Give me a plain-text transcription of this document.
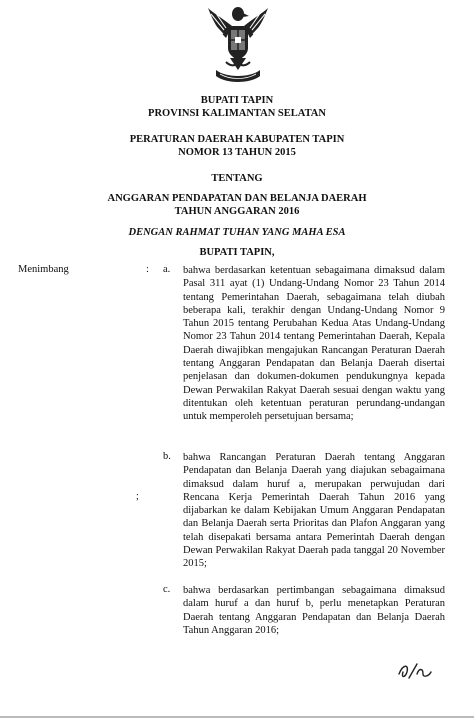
BUPATI TAPIN
PROVINSI KALIMANTAN SELATAN
PERATURAN DAERAH KABUPATEN TAPIN
NOMOR 13 TAHUN 2015
TENTANG
ANGGARAN PENDAPATAN DAN BELANJA DAERAH
TAHUN ANGGARAN 2016
DENGAN RAHMAT TUHAN YANG MAHA ESA
BUPATI TAPIN,
Menimbang	: a. bahwa berdasarkan ketentuan sebagaimana dimaksud dalam Pasal 311 ayat (1) Undang-Undang Nomor 23 Tahun 2014 tentang Pemerintahan Daerah, sebagaimana telah diubah beberapa kali, terakhir dengan Undang-Undang Nomor 9 Tahun 2015 tentang Perubahan Kedua Atas Undang-Undang Nomor 23 Tahun 2014 tentang Pemerintahan Daerah, Kepala Daerah diwajibkan mengajukan Rancangan Peraturan Daerah tentang Anggaran Pendapatan dan Belanja Daerah disertai penjelasan dan dokumen-dokumen pendukungnya kepada Dewan Perwakilan Rakyat Daerah sesuai dengan waktu yang ditentukan oleh ketentuan peraturan perundang-undangan untuk memperoleh persetujuan bersama;

b. bahwa Rancangan Peraturan Daerah tentang Anggaran Pendapatan dan Belanja Daerah yang diajukan sebagaimana dimaksud dalam huruf a, merupakan perwujudan dari Rencana Kerja Pemerintah Daerah Tahun 2016 yang dijabarkan ke dalam Kebijakan Umum Anggaran Pendapatan dan Belanja Daerah serta Prioritas dan Plafon Anggaran yang telah disepakati bersama antara Pemerintah Daerah dengan Dewan Perwakilan Rakyat Daerah pada tanggal 20 November 2015;

;
c. bahwa berdasarkan pertimbangan sebagaimana dimaksud dalam huruf a dan huruf b, perlu menetapkan Peraturan Daerah tentang Anggaran Pendapatan dan Belanja Daerah Tahun Anggaran 2016;
